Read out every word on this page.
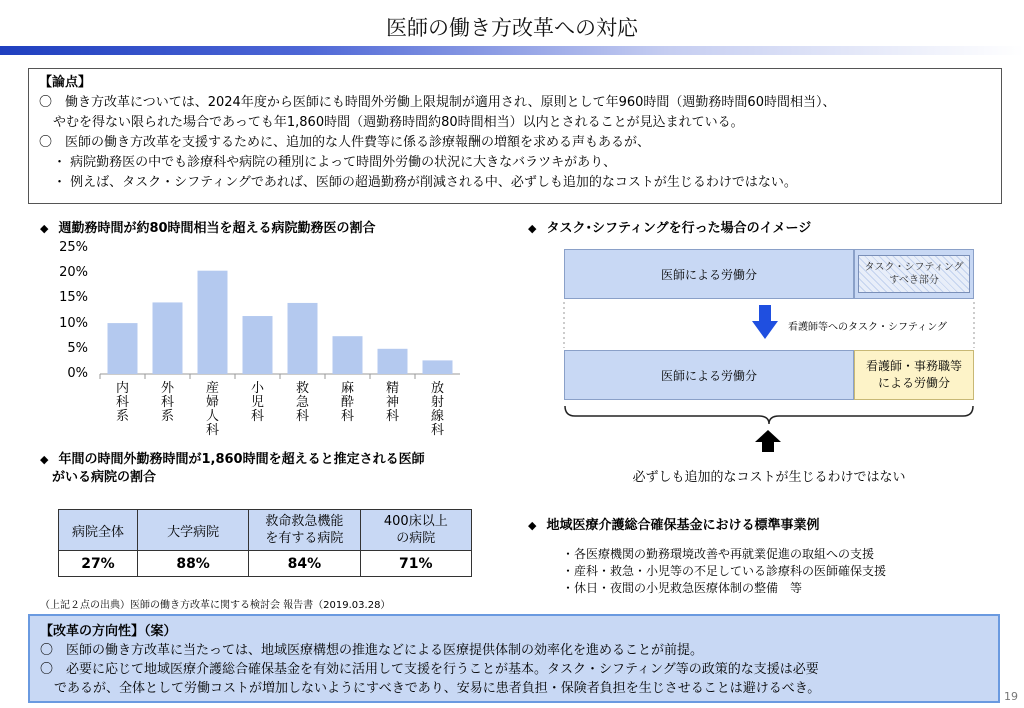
医師の働き方改革への対応
【論点】
〇　働き方改革については、2024年度から医師にも時間外労働上限規制が適用され、原則として年960時間（週勤務時間60時間相当）、
やむを得ない限られた場合であっても年1,860時間（週勤務時間約80時間相当）以内とされることが見込まれている。
〇　医師の働き方改革を支援するために、追加的な人件費等に係る診療報酬の増額を求める声もあるが、
・ 病院勤務医の中でも診療科や病院の種別によって時間外労働の状況に大きなバラツキがあり、
・ 例えば、タスク・シフティングであれば、医師の超過勤務が削減される中、必ずしも追加的なコストが生じるわけではない。
◆ 週勤務時間が約80時間相当を超える病院勤務医の割合
0%
5%
10%
15%
20%
25%
内科系
外科系
産婦人科
小児科
救急科
麻酔科
精神科
放射線科
◆ 年間の時間外勤務時間が1,860時間を超えると推定される医師
がいる病院の割合
病院全体	大学病院	救命救急機能
を有する病院	400床以上
の病院
27%	88%	84%	71%
（上記２点の出典）医師の働き方改革に関する検討会 報告書（2019.03.28）
◆ タスク･シフティングを行った場合のイメージ
医師による労働分	タスク・シフティング
すべき部分
看護師等へのタスク・シフティング
医師による労働分
看護師・事務職等
による労働分
必ずしも追加的なコストが生じるわけではない
◆ 地域医療介護総合確保基金における標準事業例
・各医療機関の勤務環境改善や再就業促進の取組への支援
・産科・救急・小児等の不足している診療科の医師確保支援
・休日・夜間の小児救急医療体制の整備　等
【改革の方向性】（案）
〇　医師の働き方改革に当たっては、地域医療構想の推進などによる医療提供体制の効率化を進めることが前提。
〇　必要に応じて地域医療介護総合確保基金を有効に活用して支援を行うことが基本。タスク・シフティング等の政策的な支援は必要
であるが、全体として労働コストが増加しないようにすべきであり、安易に患者負担・保険者負担を生じさせることは避けるべき。
19
